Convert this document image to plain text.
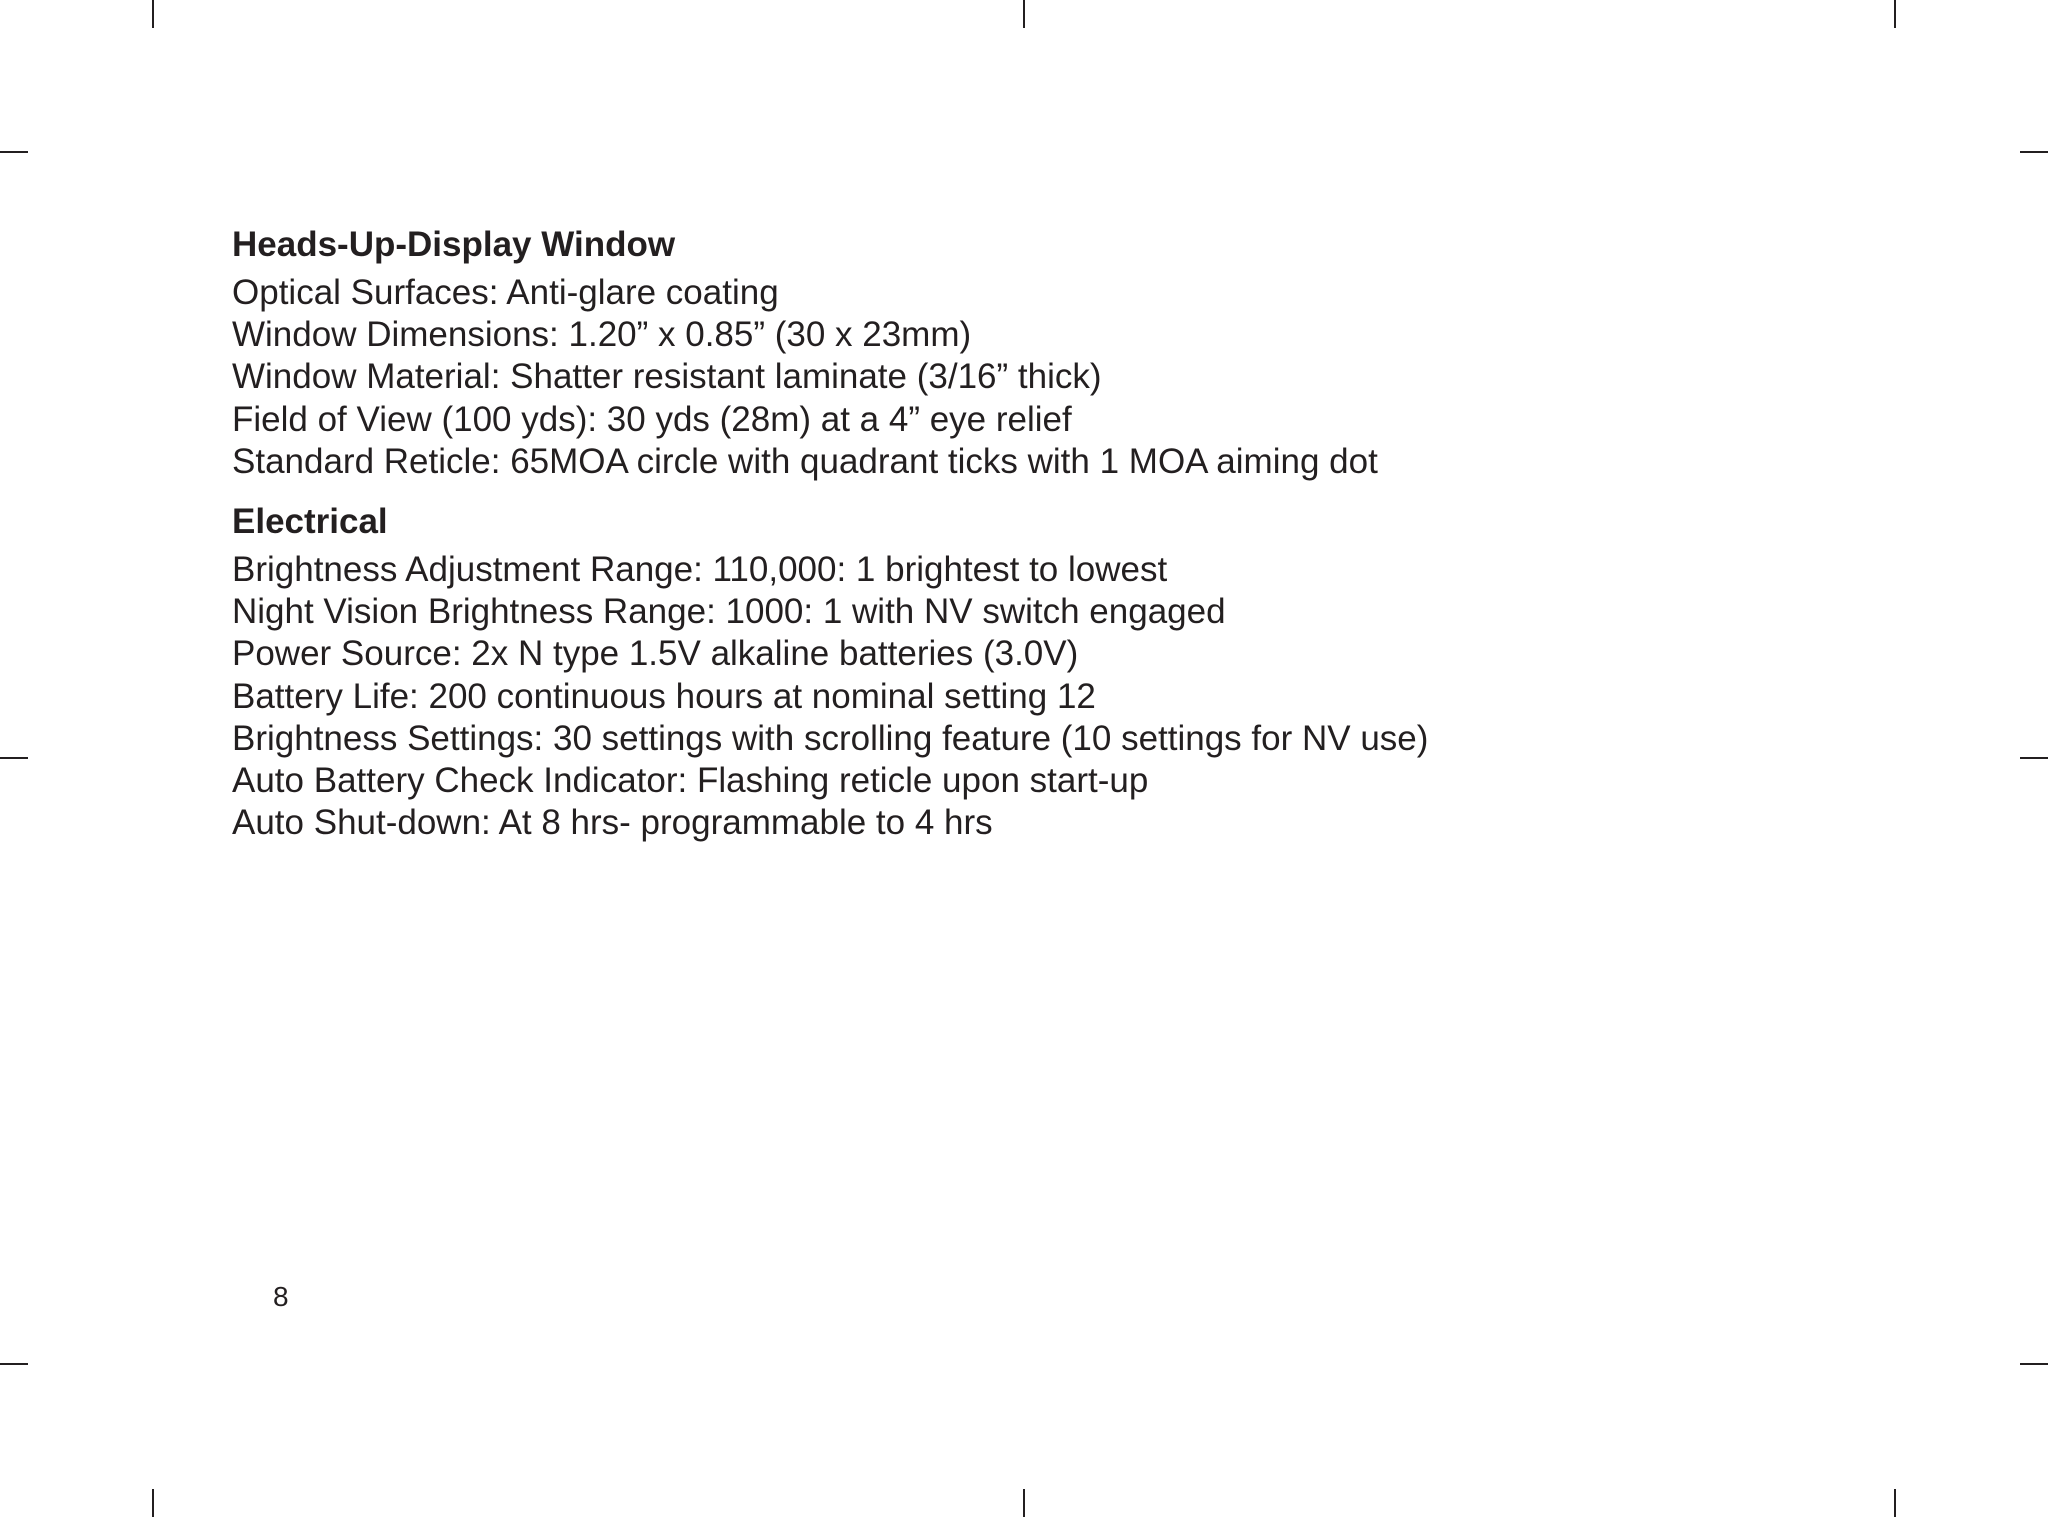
Heads-Up-Display Window
Optical Surfaces: Anti-glare coating
Window Dimensions: 1.20” x 0.85” (30 x 23mm)
Window Material: Shatter resistant laminate (3/16” thick)
Field of View (100 yds): 30 yds (28m) at a 4” eye relief
Standard Reticle: 65MOA circle with quadrant ticks with 1 MOA aiming dot
Electrical
Brightness Adjustment Range: 110,000: 1 brightest to lowest
Night Vision Brightness Range: 1000: 1 with NV switch engaged
Power Source: 2x N type 1.5V alkaline batteries (3.0V)
Battery Life: 200 continuous hours at nominal setting 12
Brightness Settings: 30 settings with scrolling feature (10 settings for NV use)
Auto Battery Check Indicator: Flashing reticle upon start-up
Auto Shut-down: At 8 hrs- programmable to 4 hrs
8
